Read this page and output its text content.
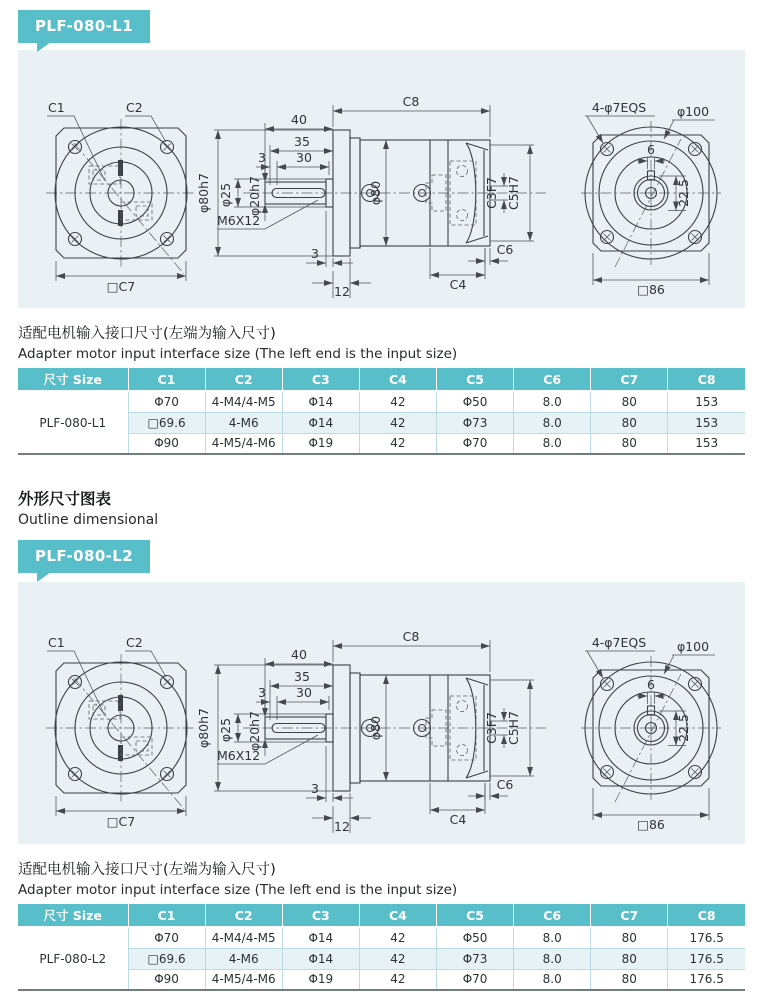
PLF-080-L1
C1	C2
□C7
φ80
C8
40
35
3 30
φ20h7
φ25
φ80h7
M6X12
3
12	C4
C6
C3F7 C5H7
4-φ7EQS φ100
6
22.5
□86
适配电机输入接口尺寸(左端为输入尺寸)
Adapter motor input interface size (The left end is the input size)
尺寸 Size	C1	C2	C3	C4	C5	C6	C7	C8
PLF-080-L1	Φ70	4-M4/4-M5	Φ14	42	Φ50	8.0	80	153
	□69.6	4-M6	Φ14	42	Φ73	8.0	80	153
	Φ90	4-M5/4-M6	Φ19	42	Φ70	8.0	80	153
外形尺寸图表
Outline dimensional
PLF-080-L2
C1	C2
□C7
φ80
C8
40
35
3 30
φ20h7
φ25
φ80h7
M6X12
3
12	C4
C6
C3F7 C5H7
4-φ7EQS φ100
6
22.5
□86
适配电机输入接口尺寸(左端为输入尺寸)
Adapter motor input interface size (The left end is the input size)
尺寸 Size	C1	C2	C3	C4	C5	C6	C7	C8
PLF-080-L2	Φ70	4-M4/4-M5	Φ14	42	Φ50	8.0	80	176.5
	□69.6	4-M6	Φ14	42	Φ73	8.0	80	176.5
	Φ90	4-M5/4-M6	Φ19	42	Φ70	8.0	80	176.5
